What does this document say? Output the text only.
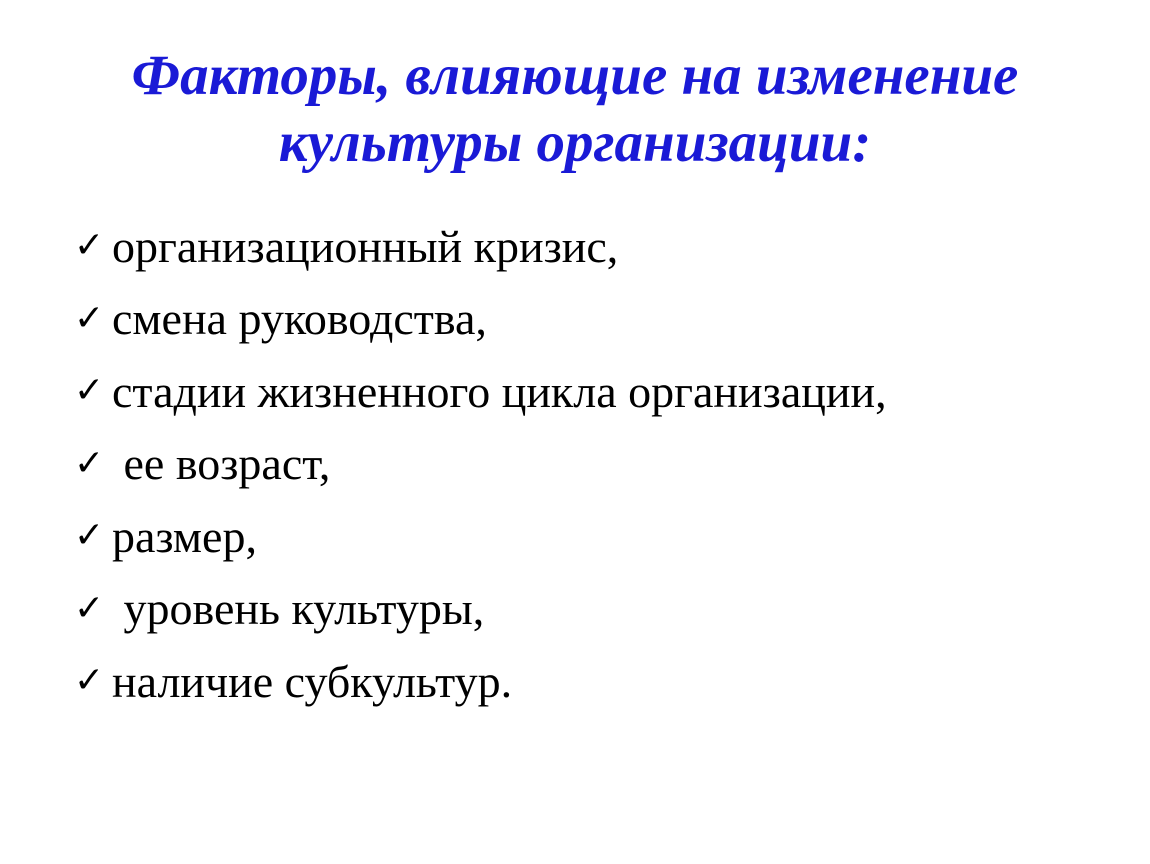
Факторы, влияющие на изменение
культуры организации:
✓ организационный кризис,
✓ смена руководства,
✓ стадии жизненного цикла организации,
✓ ее возраст,
✓ размер,
✓ уровень культуры,
✓ наличие субкультур.
